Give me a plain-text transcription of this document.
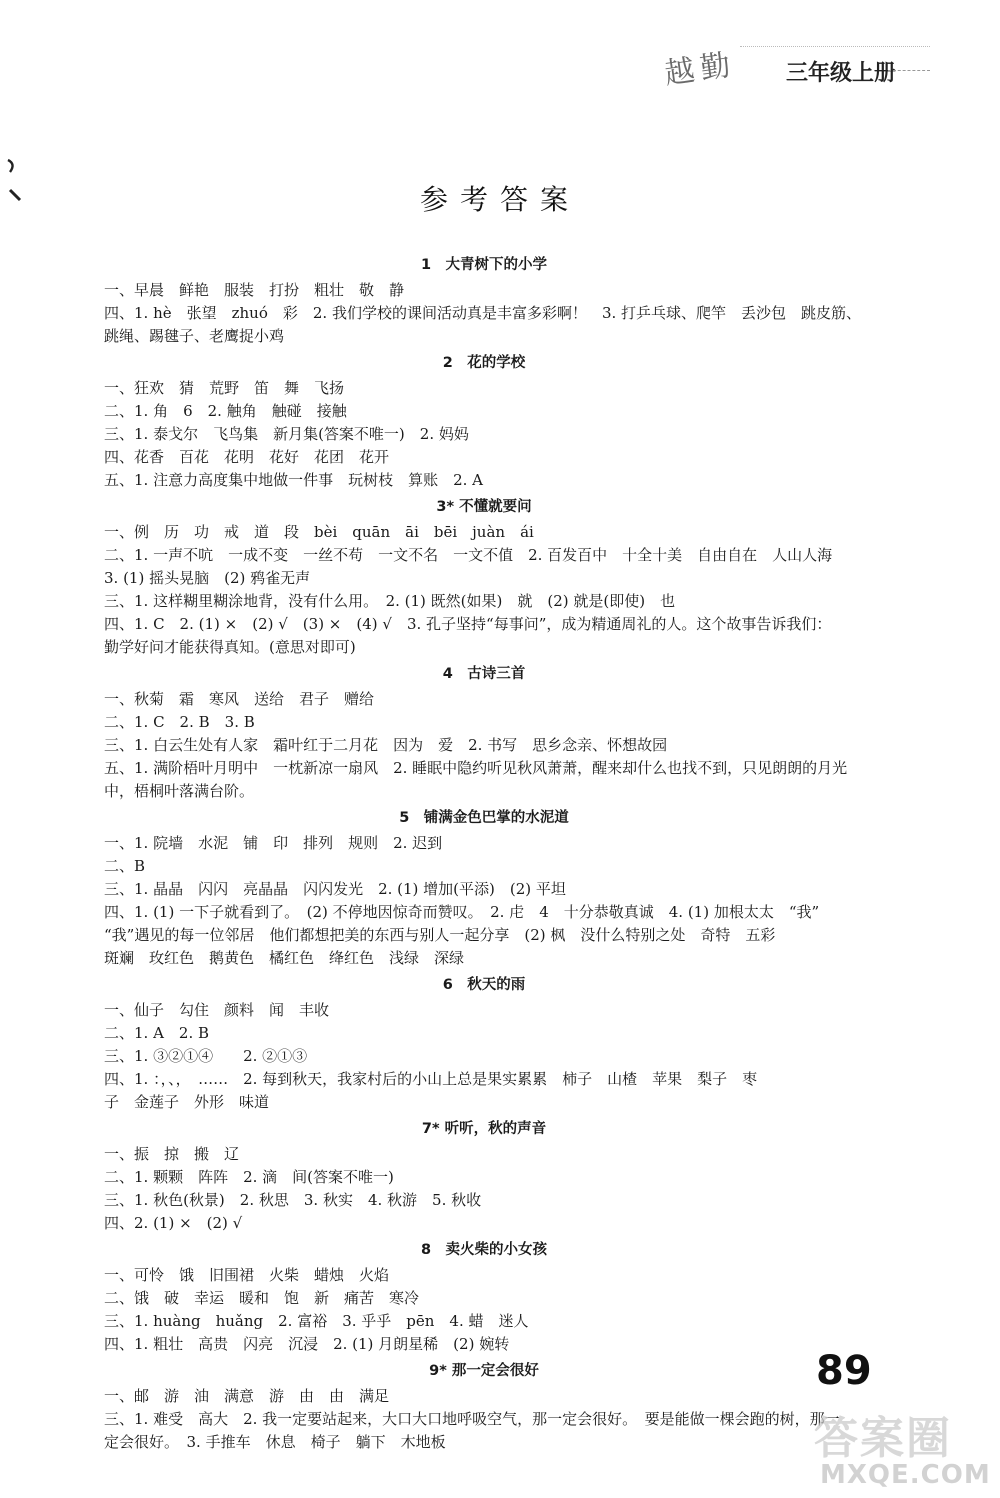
越勤 三年级上册
参考答案
1　大青树下的小学
一、早晨　鲜艳　服装　打扮　粗壮　敬　静
四、1. hè　张望　zhuó　彩　2. 我们学校的课间活动真是丰富多彩啊！　3. 打乒乓球、爬竿　丢沙包　跳皮筋、
跳绳、踢毽子、老鹰捉小鸡
2　花的学校
一、狂欢　猜　荒野　笛　舞　飞扬
二、1. 角　6　2. 触角　触碰　接触
三、1. 泰戈尔　飞鸟集　新月集(答案不唯一)　2. 妈妈
四、花香　百花　花明　花好　花团　花开
五、1. 注意力高度集中地做一件事　玩树枝　算账　2. A
3* 不懂就要问
一、例　历　功　戒　道　段　bèi　quān　āi　bēi　juàn　ái
二、1. 一声不吭　一成不变　一丝不苟　一文不名　一文不值　2. 百发百中　十全十美　自由自在　人山人海
3. (1) 摇头晃脑　(2) 鸦雀无声
三、1. 这样糊里糊涂地背，没有什么用。　2. (1) 既然(如果)　就　(2) 就是(即使)　也
四、1. C　2. (1) ×　(2) √　(3) ×　(4) √　3. 孔子坚持“每事问”，成为精通周礼的人。这个故事告诉我们：
勤学好问才能获得真知。(意思对即可)
4　古诗三首
一、秋菊　霜　寒风　送给　君子　赠给
二、1. C　2. B　3. B
三、1. 白云生处有人家　霜叶红于二月花　因为　爱　2. 书写　思乡念亲、怀想故园
五、1. 满阶梧叶月明中　一枕新凉一扇风　2. 睡眠中隐约听见秋风萧萧，醒来却什么也找不到，只见朗朗的月光
中，梧桐叶落满台阶。
5　铺满金色巴掌的水泥道
一、1. 院墙　水泥　铺　印　排列　规则　2. 迟到
二、B
三、1. 晶晶　闪闪　亮晶晶　闪闪发光　2. (1) 增加(平添)　(2) 平坦
四、1. (1) 一下子就看到了。　(2) 不停地因惊奇而赞叹。　2. 虍　4　十分恭敬真诚　4. (1) 加根太太　“我”
“我”遇见的每一位邻居　他们都想把美的东西与别人一起分享　(2) 枫　没什么特别之处　奇特　五彩
斑斓　玫红色　鹅黄色　橘红色　绛红色　浅绿　深绿
6　秋天的雨
一、仙子　勾住　颜料　闻　丰收
二、1. A　2. B
三、1. ③②①④　　2. ②①③
四、1. ：，、，　……　2. 每到秋天，我家村后的小山上总是果实累累　柿子　山楂　苹果　梨子　枣
子　金莲子　外形　味道
7* 听听，秋的声音
一、振　掠　搬　辽
二、1. 颗颗　阵阵　2. 滴　间(答案不唯一)
三、1. 秋色(秋景)　2. 秋思　3. 秋实　4. 秋游　5. 秋收
四、2. (1) ×　(2) √
8　卖火柴的小女孩
一、可怜　饿　旧围裙　火柴　蜡烛　火焰
二、饿　破　幸运　暖和　饱　新　痛苦　寒冷
三、1. huàng　huǎng　2. 富裕　3. 乎乎　pēn　4. 蜡　迷人
四、1. 粗壮　高贵　闪亮　沉浸　2. (1) 月朗星稀　(2) 婉转
9* 那一定会很好
一、邮　游　油　满意　游　由　由　满足
三、1. 难受　高大　2. 我一定要站起来，大口大口地呼吸空气，那一定会很好。　要是能做一棵会跑的树，那一
定会很好。　3. 手推车　休息　椅子　躺下　木地板
89
答案圈
MXQE.COM
